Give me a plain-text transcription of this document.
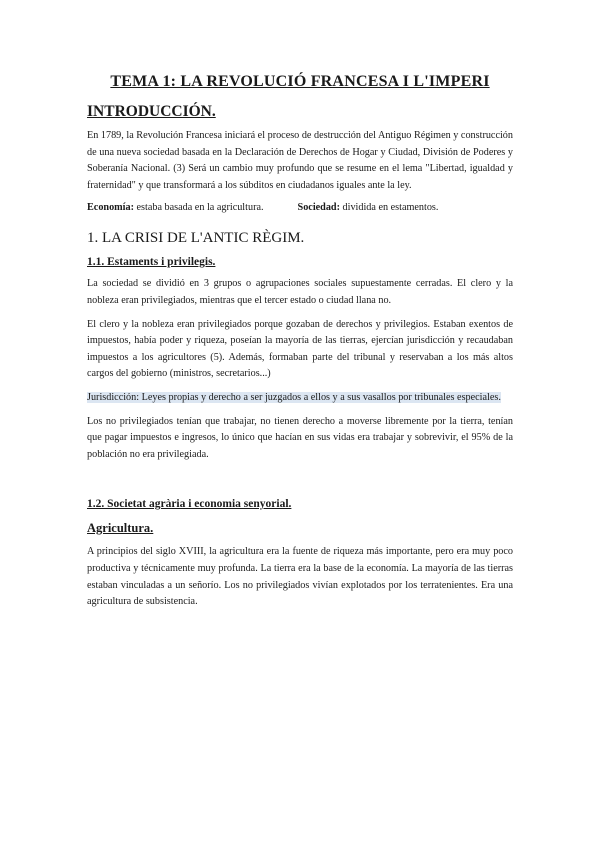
TEMA 1: LA REVOLUCIÓ FRANCESA I L'IMPERI
INTRODUCCIÓN.

En 1789, la Revolución Francesa iniciará el proceso de destrucción del Antiguo Régimen y construcción de una nueva sociedad basada en la Declaración de Derechos de Hogar y Ciudad, División de Poderes y Soberanía Nacional. (3) Será un cambio muy profundo que se resume en el lema "Libertad, igualdad y fraternidad" y que transformará a los súbditos en ciudadanos iguales ante la ley.

Economía: estaba basada en la agricultura.	Sociedad: dividida en estamentos.
1. LA CRISI DE L'ANTIC RÈGIM.
1.1. Estaments i privilegis.

La sociedad se dividió en 3 grupos o agrupaciones sociales supuestamente cerradas. El clero y la nobleza eran privilegiados, mientras que el tercer estado o ciudad llana no.

El clero y la nobleza eran privilegiados porque gozaban de derechos y privilegios. Estaban exentos de impuestos, había poder y riqueza, poseían la mayoría de las tierras, ejercían jurisdicción y recaudaban impuestos a los agricultores (5). Además, formaban parte del tribunal y reservaban a los más altos cargos del gobierno (ministros, secretarios...)

Jurisdicción: Leyes propias y derecho a ser juzgados a ellos y a sus vasallos por tribunales especiales.

Los no privilegiados tenían que trabajar, no tienen derecho a moverse libremente por la tierra, tenían que pagar impuestos e ingresos, lo único que hacían en sus vidas era trabajar y sobrevivir, el 95% de la población no era privilegiada.

1.2. Societat agrària i economia senyorial.
Agricultura.

A principios del siglo XVIII, la agricultura era la fuente de riqueza más importante, pero era muy poco productiva y técnicamente muy profunda. La tierra era la base de la economía. La mayoría de las tierras estaban vinculadas a un señorío. Los no privilegiados vivían explotados por los terratenientes. Era una agricultura de subsistencia.
